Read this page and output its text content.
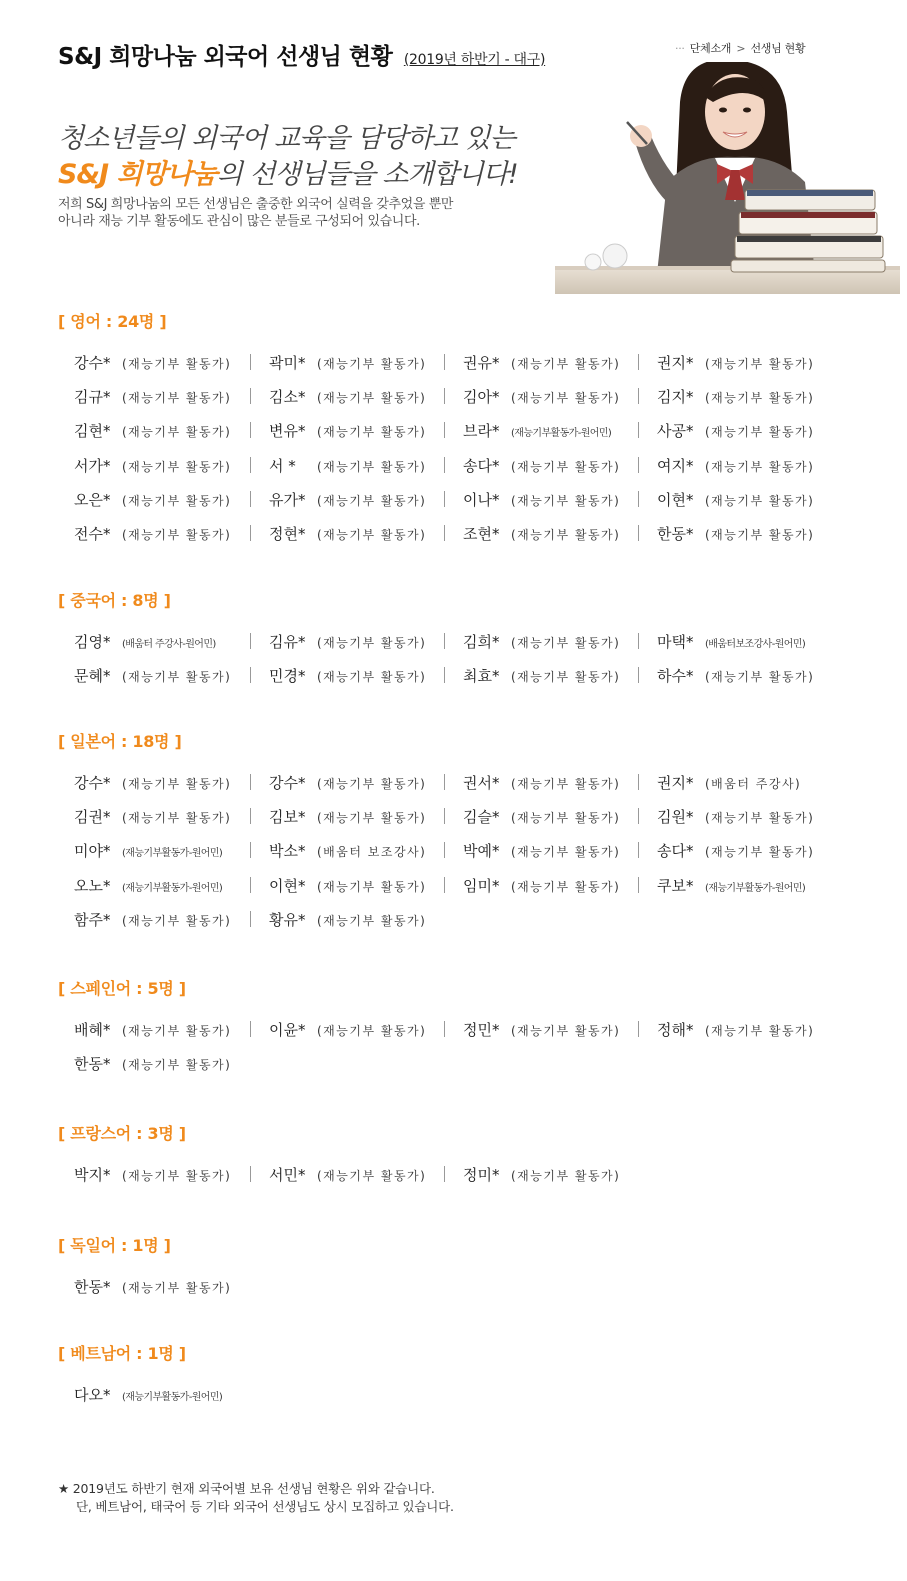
S&J 희망나눔 외국어 선생님 현황 (2019년 하반기 - 대구)
··· 단체소개 > 선생님 현황
청소년들의 외국어 교육을 담당하고 있는
S&J 희망나눔의 선생님들을 소개합니다!

저희 S&J 희망나눔의 모든 선생님은 출중한 외국어 실력을 갖추었을 뿐만

아니라 재능 기부 활동에도 관심이 많은 분들로 구성되어 있습니다.

[ 영어 : 24명 ]
강수* (재능기부 활동가)	곽미* (재능기부 활동가) 권유* (재능기부 활동가) 권지* (재능기부 활동가)
김규* (재능기부 활동가)	김소* (재능기부 활동가) 김아* (재능기부 활동가) 김지* (재능기부 활동가)
김현* (재능기부 활동가)	변유* (재능기부 활동가) 브라* (재능기부활동가-원어민)	사공* (재능기부 활동가)
서가* (재능기부 활동가)	서 * (재능기부 활동가) 송다* (재능기부 활동가) 여지* (재능기부 활동가)
오은* (재능기부 활동가)	유가* (재능기부 활동가) 이나* (재능기부 활동가) 이현* (재능기부 활동가)
전수* (재능기부 활동가)	정현* (재능기부 활동가) 조현* (재능기부 활동가) 한동* (재능기부 활동가)
[ 중국어 : 8명 ]
김영* (배움터 주강사-원어민)	김유* (재능기부 활동가) 김희* (재능기부 활동가) 마택* (배움터보조강사-원어민)
문혜* (재능기부 활동가)	민경* (재능기부 활동가) 최효* (재능기부 활동가) 하수* (재능기부 활동가)
[ 일본어 : 18명 ]
강수* (재능기부 활동가)	강수* (재능기부 활동가) 권서* (재능기부 활동가) 권지* (배움터 주강사)
김권* (재능기부 활동가)	김보* (재능기부 활동가) 김슬* (재능기부 활동가) 김원* (재능기부 활동가)
미야* (재능기부활동가-원어민)	박소* (배움터 보조강사) 박예* (재능기부 활동가) 송다* (재능기부 활동가)
오노* (재능기부활동가-원어민)	이현* (재능기부 활동가) 임미* (재능기부 활동가) 쿠보* (재능기부활동가-원어민)
함주* (재능기부 활동가)	황유* (재능기부 활동가)
[ 스페인어 : 5명 ]
배혜* (재능기부 활동가)	이윤* (재능기부 활동가) 정민* (재능기부 활동가) 정해* (재능기부 활동가)
한동* (재능기부 활동가)
[ 프랑스어 : 3명 ]
박지* (재능기부 활동가)	서민* (재능기부 활동가) 정미* (재능기부 활동가)
[ 독일어 : 1명 ]
한동* (재능기부 활동가)
[ 베트남어 : 1명 ]
다오* (재능기부활동가-원어민)

★ 2019년도 하반기 현재 외국어별 보유 선생님 현황은 위와 같습니다.

단, 베트남어, 태국어 등 기타 외국어 선생님도 상시 모집하고 있습니다.
